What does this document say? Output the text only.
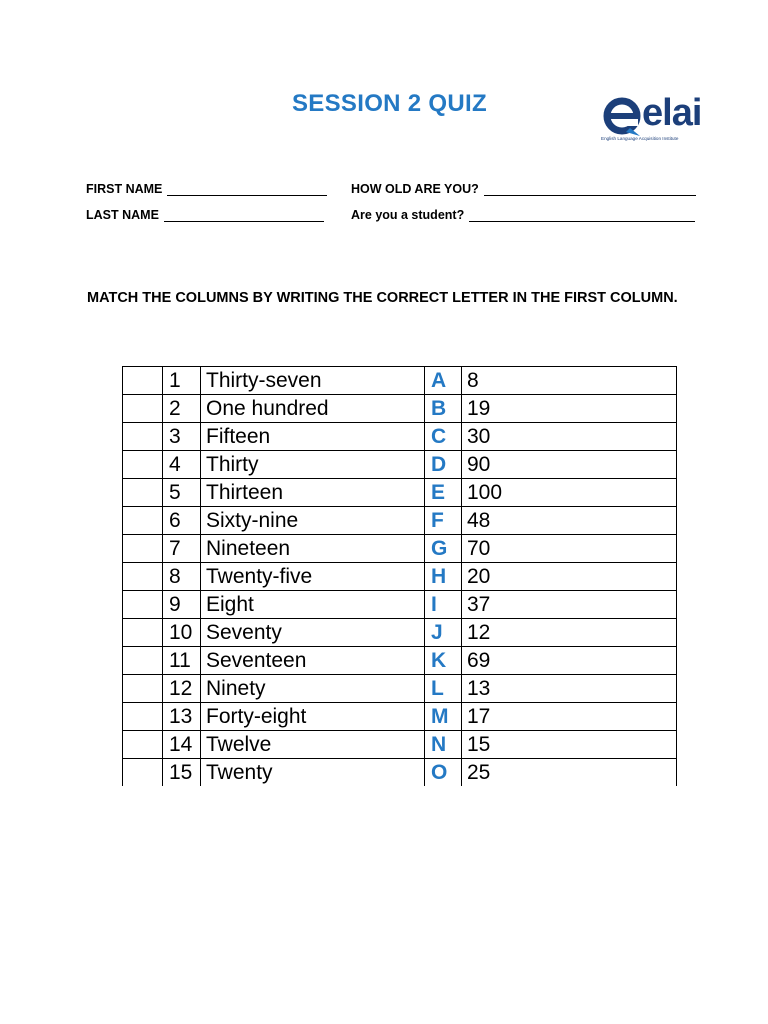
SESSION 2 QUIZ	elai
English Language Acquisition Institute
FIRST NAME	HOW OLD ARE YOU?
LAST NAME	Are you a student?
MATCH THE COLUMNS BY WRITING THE CORRECT LETTER IN THE FIRST COLUMN.
	1	Thirty-seven	A	8
	2	One hundred	B	19
	3	Fifteen	C	30
	4	Thirty	D	90
	5	Thirteen	E	100
	6	Sixty-nine	F	48
	7	Nineteen	G	70
	8	Twenty-five	H	20
	9	Eight	I	37
	10	Seventy	J	12
	11	Seventeen	K	69
	12	Ninety	L	13
	13	Forty-eight	M	17
	14	Twelve	N	15
	15	Twenty	O	25
